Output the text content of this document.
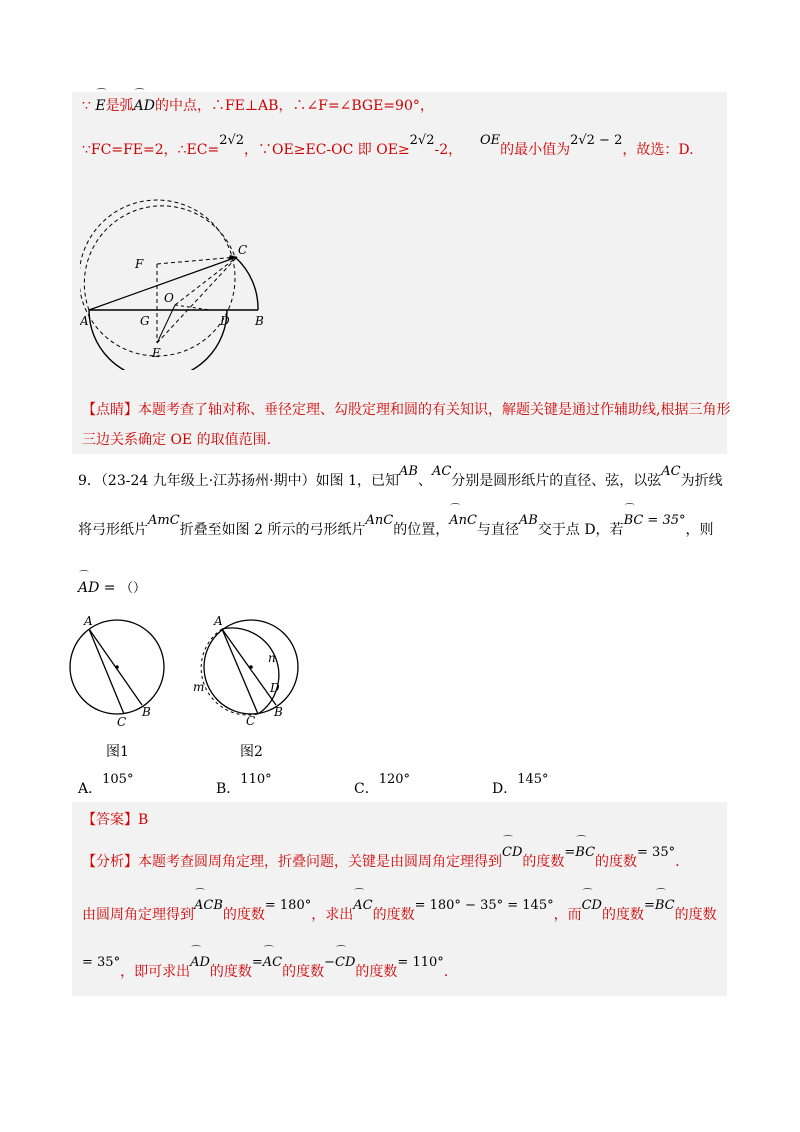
∵ ⌒ E是弧⌒ AD的中点，∴FE⊥AB，∴∠F=∠BGE=90°，
∵FC=FE=2，∴EC=2√2，∵OE≥EC-OC 即 OE≥2√2-2，    OE的最小值为2√2 − 2，故选：D.
F
C
O
A	G	D B
E
【点睛】本题考查了轴对称、垂径定理、勾股定理和圆的有关知识，解题关键是通过作辅助线,根据三角形
三边关系确定 OE 的取值范围.
9．（23-24 九年级上·江苏扬州·期中）如图 1，已知AB、AC分别是圆形纸片的直径、弦，以弦AC为折线
将弓形纸片AmC折叠至如图 2 所示的弓形纸片AnC的位置，⌒ AnC与直径AB交于点 D，若⌒ BC = 35°，则
⌒ AD = （）
A
C
B
A
n
m	D
C
B
图1	图2
A．105°
B．110°
C．120°
D．145°
【答案】B
【分析】本题考查圆周角定理，折叠问题，关键是由圆周角定理得到⌒ CD的度数=⌒ BC的度数= 35°.
由圆周角定理得到⌒ ACB的度数= 180°，求出⌒ AC的度数= 180° − 35° = 145°，而⌒ CD的度数=⌒ BC的度数
= 35°，即可求出⌒ AD的度数=⌒ AC的度数−⌒ CD的度数= 110°.
